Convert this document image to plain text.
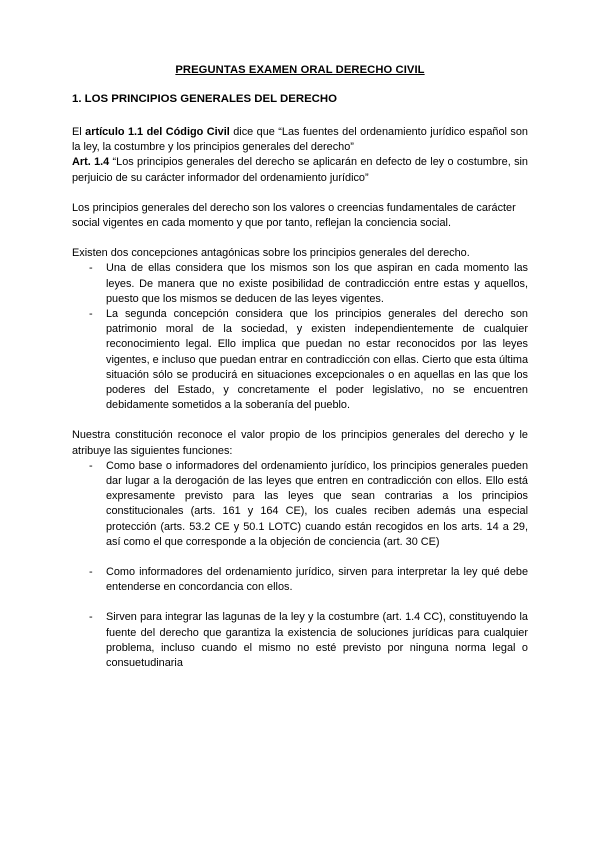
PREGUNTAS EXAMEN ORAL DERECHO CIVIL
1. LOS PRINCIPIOS GENERALES DEL DERECHO

El artículo 1.1 del Código Civil dice que “Las fuentes del ordenamiento jurídico español son la ley, la costumbre y los principios generales del derecho”

Art. 1.4 “Los principios generales del derecho se aplicarán en defecto de ley o costumbre, sin perjuicio de su carácter informador del ordenamiento jurídico”

Los principios generales del derecho son los valores o creencias fundamentales de carácter social vigentes en cada momento y que por tanto, reflejan la conciencia social.

Existen dos concepciones antagónicas sobre los principios generales del derecho.

- Una de ellas considera que los mismos son los que aspiran en cada momento las leyes. De manera que no existe posibilidad de contradicción entre estas y aquellos, puesto que los mismos se deducen de las leyes vigentes.
- La segunda concepción considera que los principios generales del derecho son patrimonio moral de la sociedad, y existen independientemente de cualquier reconocimiento legal. Ello implica que puedan no estar reconocidos por las leyes vigentes, e incluso que puedan entrar en contradicción con ellas. Cierto que esta última situación sólo se producirá en situaciones excepcionales o en aquellas en las que los poderes del Estado, y concretamente el poder legislativo, no se encuentren debidamente sometidos a la soberanía del pueblo.

Nuestra constitución reconoce el valor propio de los principios generales del derecho y le atribuye las siguientes funciones:

- Como base o informadores del ordenamiento jurídico, los principios generales pueden dar lugar a la derogación de las leyes que entren en contradicción con ellos. Ello está expresamente previsto para las leyes que sean contrarias a los principios constitucionales (arts. 161 y 164 CE), los cuales reciben además una especial protección (arts. 53.2 CE y 50.1 LOTC) cuando están recogidos en los arts. 14 a 29, así como el que corresponde a la objeción de conciencia (art. 30 CE)
- Como informadores del ordenamiento jurídico, sirven para interpretar la ley qué debe entenderse en concordancia con ellos.
- Sirven para integrar las lagunas de la ley y la costumbre (art. 1.4 CC), constituyendo la fuente del derecho que garantiza la existencia de soluciones jurídicas para cualquier problema, incluso cuando el mismo no esté previsto por ninguna norma legal o consuetudinaria
